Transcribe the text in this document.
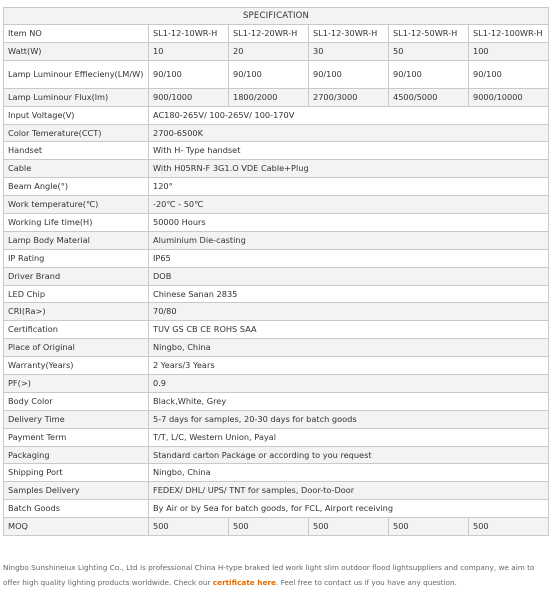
SPECIFICATION					
Item NO	SL1-12-10WR-H	SL1-12-20WR-H	SL1-12-30WR-H	SL1-12-50WR-H	SL1-12-100WR-H
Watt(W)	10	20	30	50	100
Lamp Luminour Effiecieny(LM/W)	90/100	90/100	90/100	90/100	90/100
Lamp Luminour Flux(lm)	900/1000	1800/2000	2700/3000	4500/5000	9000/10000
Input Voltage(V)	AC180-265V/ 100-265V/ 100-170V				
Color Temerature(CCT)	2700-6500K				
Handset	With H- Type handset				
Cable	With H05RN-F 3G1.O VDE Cable+Plug				
Beam Angle(°)	120°				
Work temperature(℃)	-20℃ - 50℃				
Working Life time(H)	50000 Hours				
Lamp Body Material	Aluminium Die-casting				
IP Rating	IP65				
Driver Brand	DOB				
LED Chip	Chinese Sanan 2835				
CRI(Ra>)	70/80				
Certification	TUV GS CB CE ROHS SAA				
Place of Original	Ningbo, China				
Warranty(Years)	2 Years/3 Years				
PF(>)	0.9				
Body Color	Black,White, Grey				
Delivery Time	5-7 days for samples, 20-30 days for batch goods				
Payment Term	T/T, L/C, Western Union, Payal				
Packaging	Standard carton Package or according to you request				
Shipping Port	Ningbo, China				
Samples Delivery	FEDEX/ DHL/ UPS/ TNT for samples, Door-to-Door				
Batch Goods	By Air or by Sea for batch goods, for FCL, Airport receiving				
MOQ	500	500	500	500	500
Ningbo Sunshineiux Lighting Co., Ltd is professional China H-type braked led work light slim outdoor flood lightsuppliers and company, we aim to offer high quality lighting products worldwide. Check our certificate here. Feel free to contact us if you have any question.
